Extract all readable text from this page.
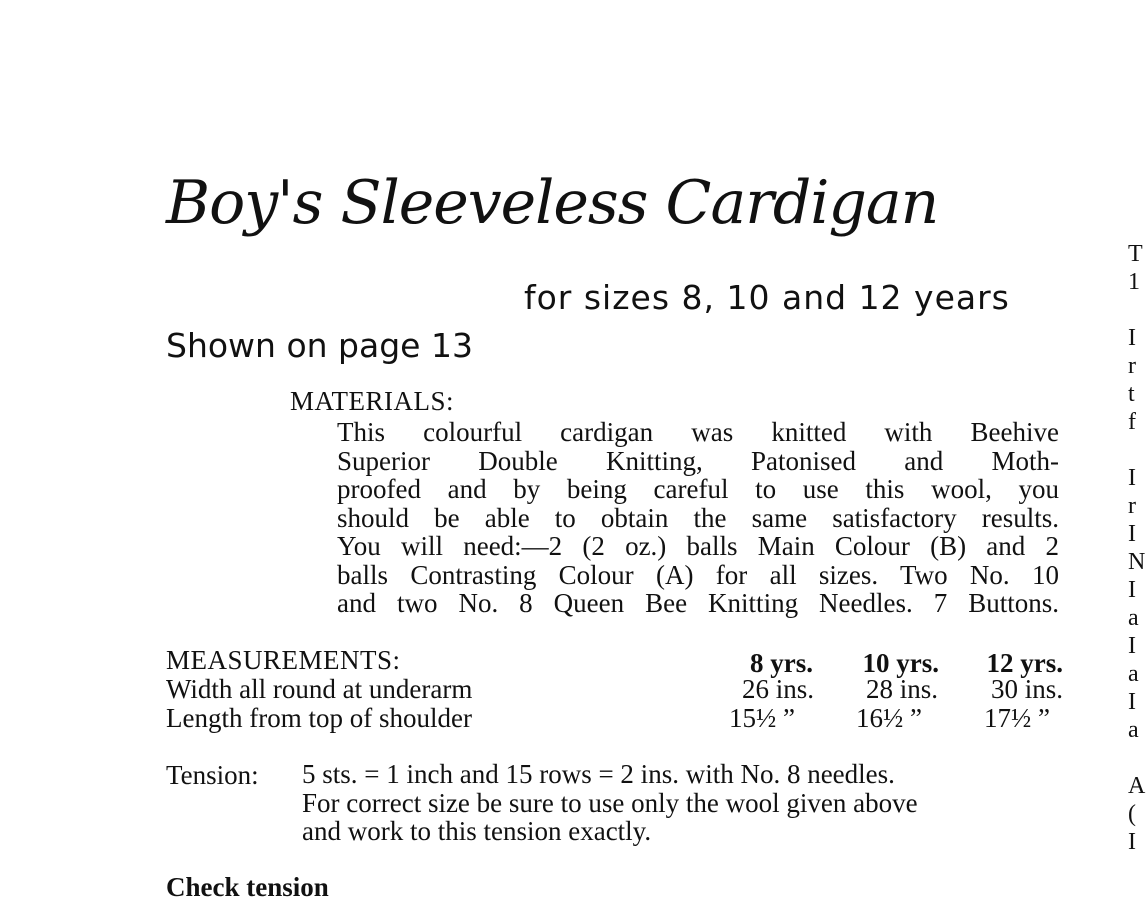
Boy's Sleeveless Cardigan
for sizes 8, 10 and 12 years
Shown on page 13
MATERIALS:
This colourful cardigan was knitted with Beehive
Superior Double Knitting, Patonised and Moth-
proofed and by being careful to use this wool, you
should be able to obtain the same satisfactory results.
You will need:—2 (2 oz.) balls Main Colour (B) and 2
balls Contrasting Colour (A) for all sizes. Two No. 10
and two No. 8 Queen Bee Knitting Needles. 7 Buttons.
MEASUREMENTS:	8 yrs. 10 yrs. 12 yrs.
Width all round at underarm	26 ins. 28 ins. 30 ins.
Length from top of shoulder	15½ ” 16½ ” 17½ ”
Tension: 5 sts. = 1 inch and 15 rows = 2 ins. with No. 8 needles.
For correct size be sure to use only the wool given above
and work to this tension exactly.
Check tension
T
1
I
r
t
f
I
r
I
N
I
a
I
a
I
a
A
(
I
